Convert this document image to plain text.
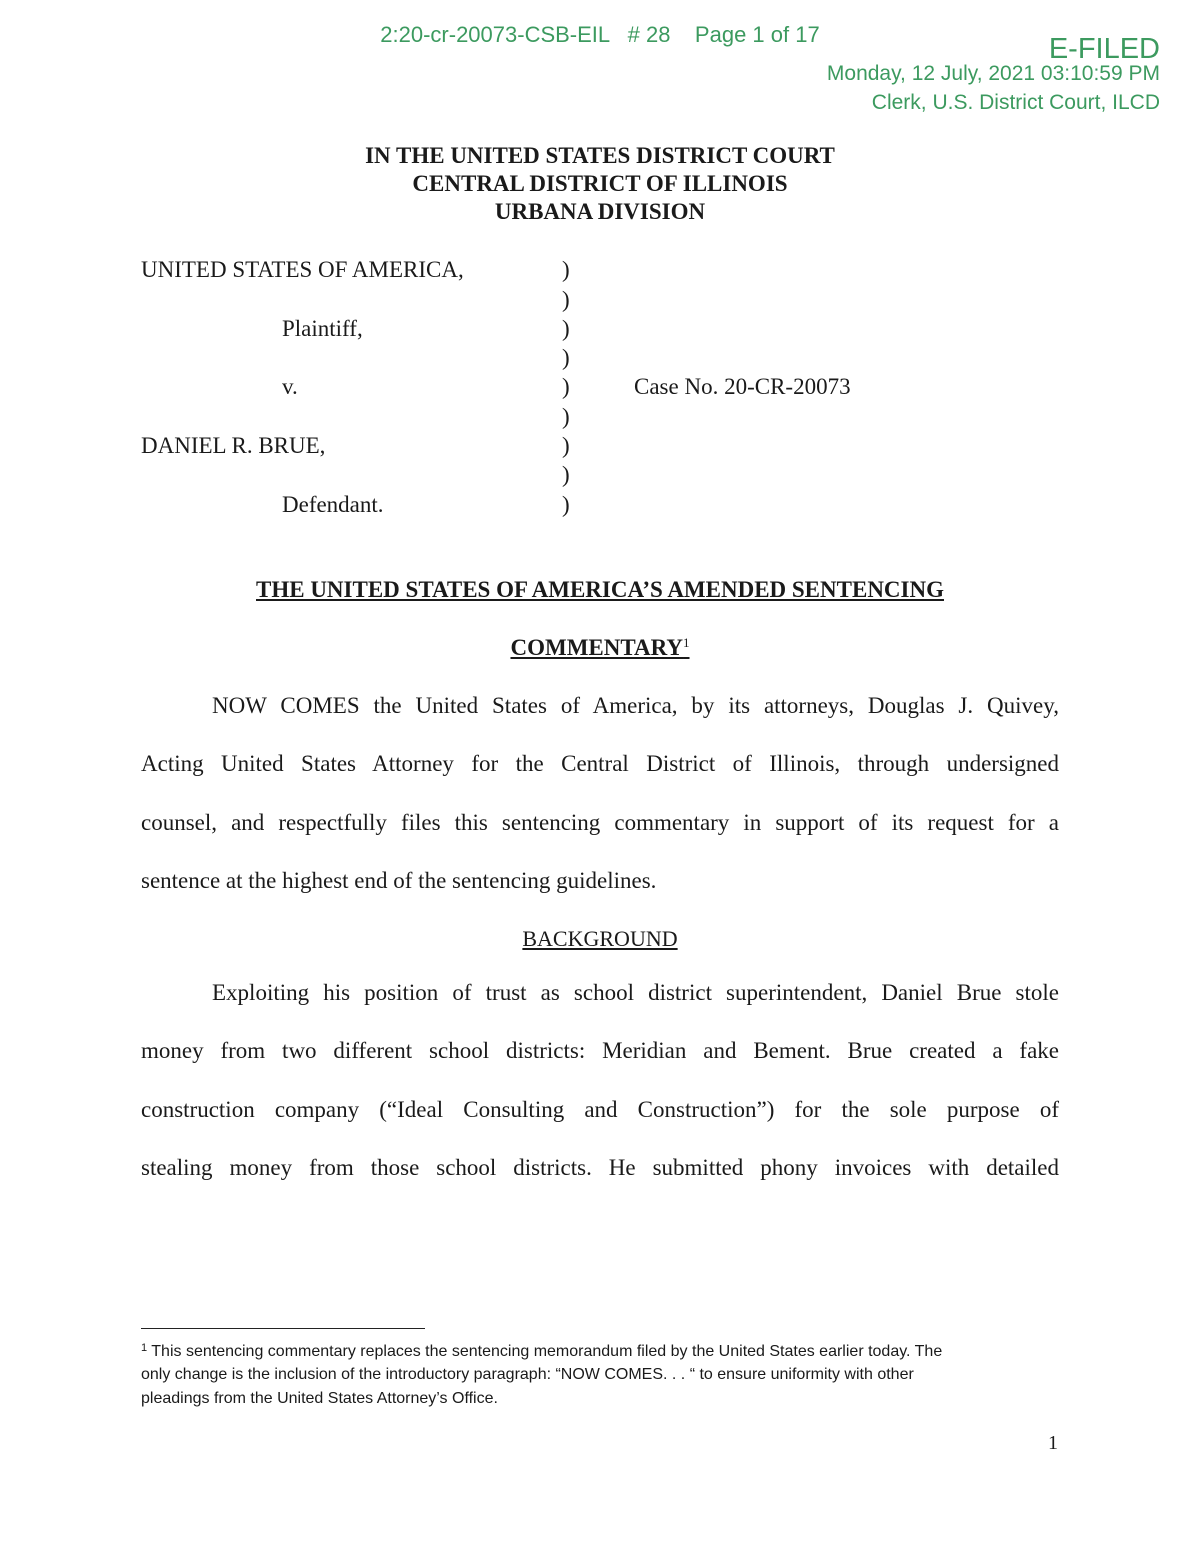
2:20-cr-20073-CSB-EIL   # 28    Page 1 of 17	E-FILED
Monday, 12 July, 2021 03:10:59 PM
Clerk, U.S. District Court, ILCD
IN THE UNITED STATES DISTRICT COURT
CENTRAL DISTRICT OF ILLINOIS
URBANA DIVISION
UNITED STATES OF AMERICA,
Plaintiff,
v.
DANIEL R. BRUE,
Defendant.
Case No. 20-CR-20073
)
)
)
)
)
)
)
)
)
THE UNITED STATES OF AMERICA’S AMENDED SENTENCING
COMMENTARY$^1$
NOW COMES the United States of America, by its attorneys, Douglas J. Quivey,
Acting United States Attorney for the Central District of Illinois, through undersigned
counsel, and respectfully files this sentencing commentary in support of its request for a
sentence at the highest end of the sentencing guidelines.
BACKGROUND
Exploiting his position of trust as school district superintendent, Daniel Brue stole
money from two different school districts: Meridian and Bement. Brue created a fake
construction company (“Ideal Consulting and Construction”) for the sole purpose of
stealing money from those school districts. He submitted phony invoices with detailed
$^1$ This sentencing commentary replaces the sentencing memorandum filed by the United States earlier today. The
only change is the inclusion of the introductory paragraph: “NOW COMES. . . “ to ensure uniformity with other
pleadings from the United States Attorney’s Office.
1
